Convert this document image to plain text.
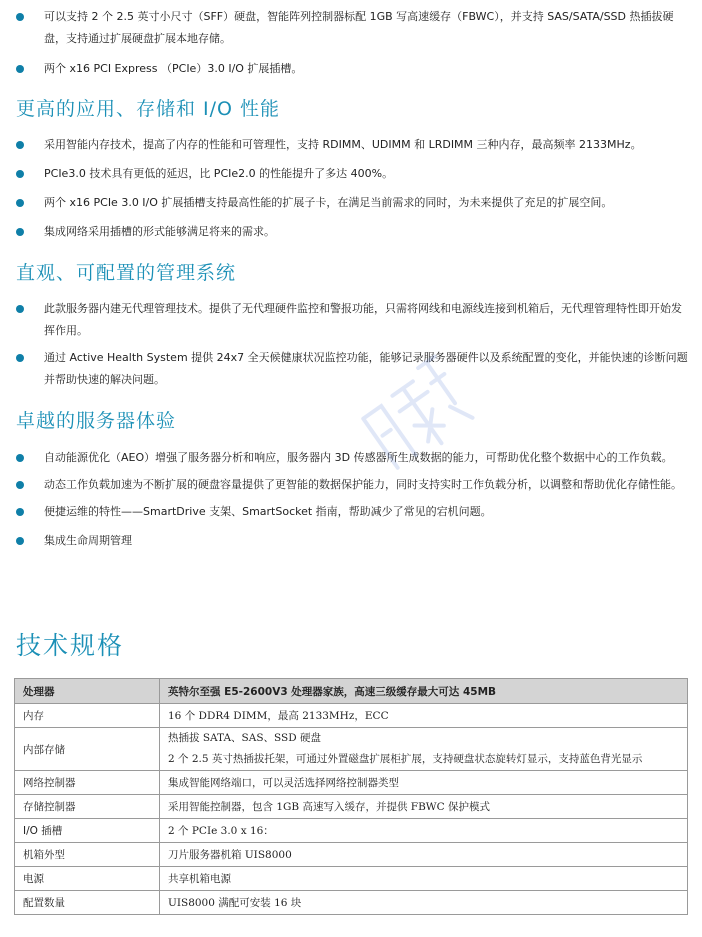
可以支持 2 个 2.5 英寸小尺寸（SFF）硬盘，智能阵列控制器标配 1GB 写高速缓存（FBWC），并支持 SAS/SATA/SSD 热插拔硬盘，支持通过扩展硬盘扩展本地存储。
两个 x16 PCI Express （PCIe）3.0 I/O 扩展插槽。
更高的应用、存储和 I/O 性能
采用智能内存技术，提高了内存的性能和可管理性，支持 RDIMM、UDIMM 和 LRDIMM 三种内存，最高频率 2133MHz。
PCIe3.0 技术具有更低的延迟，比 PCIe2.0 的性能提升了多达 400%。
两个 x16 PCIe 3.0 I/O 扩展插槽支持最高性能的扩展子卡，在满足当前需求的同时，为未来提供了充足的扩展空间。
集成网络采用插槽的形式能够满足将来的需求。
直观、可配置的管理系统
此款服务器内建无代理管理技术。提供了无代理硬件监控和警报功能，只需将网线和电源线连接到机箱后，无代理管理特性即开始发挥作用。
通过 Active Health System 提供 24x7 全天候健康状况监控功能，能够记录服务器硬件以及系统配置的变化，并能快速的诊断问题并帮助快速的解决问题。
卓越的服务器体验
自动能源优化（AEO）增强了服务器分析和响应，服务器内 3D 传感器所生成数据的能力，可帮助优化整个数据中心的工作负载。
动态工作负载加速为不断扩展的硬盘容量提供了更智能的数据保护能力，同时支持实时工作负载分析，以调整和帮助优化存储性能。
便捷运维的特性——SmartDrive 支架、SmartSocket 指南，帮助减少了常见的宕机问题。
集成生命周期管理
技术规格
处理器	英特尔至强 E5-2600V3 处理器家族，高速三级缓存最大可达 45MB
内存	16 个 DDR4 DIMM，最高 2133MHz，ECC
内部存储	热插拔 SATA、SAS、SSD 硬盘
2 个 2.5 英寸热插拔托架，可通过外置磁盘扩展柜扩展，支持硬盘状态旋转灯显示，支持蓝色背光显示

网络控制器	集成智能网络端口，可以灵活选择网络控制器类型
存储控制器	采用智能控制器，包含 1GB 高速写入缓存，并提供 FBWC 保护模式
I/O 插槽	2 个 PCIe 3.0 x 16：
机箱外型	刀片服务器机箱 UIS8000
电源	共享机箱电源
配置数量	UIS8000 满配可安装 16 块
